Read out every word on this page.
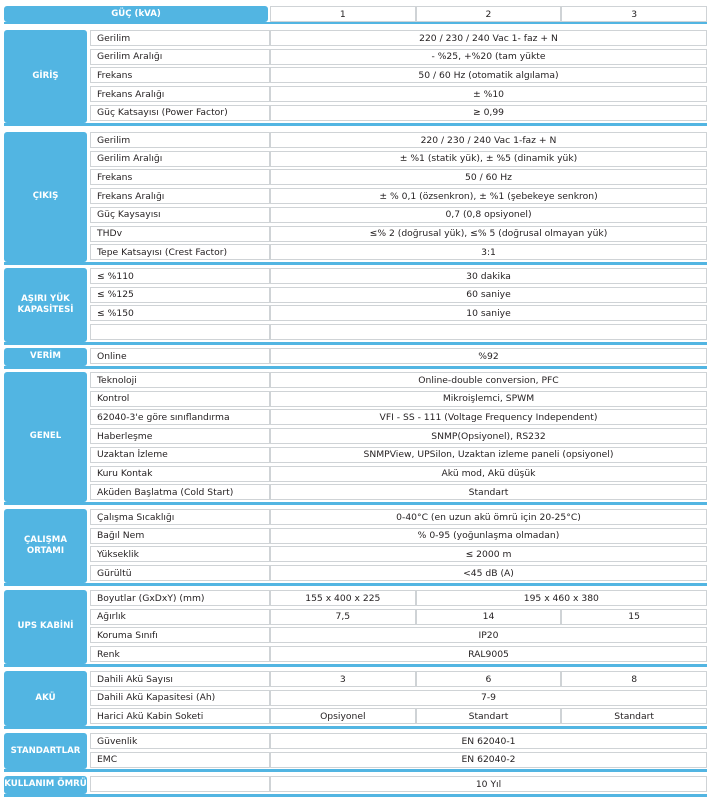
GÜÇ (kVA)	1	2	3
GİRİŞ
Gerilim	220 / 230 / 240 Vac 1- faz + N
Gerilim Aralığı	- %25, +%20 (tam yükte
Frekans	50 / 60 Hz (otomatik algılama)
Frekans Aralığı	± %10
Güç Katsayısı (Power Factor)	≥ 0,99
ÇIKIŞ
Gerilim	220 / 230 / 240 Vac 1-faz + N
Gerilim Aralığı	± %1 (statik yük), ± %5 (dinamik yük)
Frekans	50 / 60 Hz
Frekans Aralığı	± % 0,1 (özsenkron), ± %1 (şebekeye senkron)
Güç Kaysayısı	0,7 (0,8 opsiyonel)
THDv	≤% 2 (doğrusal yük), ≤% 5 (doğrusal olmayan yük)
Tepe Katsayısı (Crest Factor)	3:1
AŞIRI YÜK
KAPASİTESİ
≤ %110	30 dakika
≤ %125	60 saniye
≤ %150	10 saniye
VERİM	Online	%92
GENEL
Teknoloji	Online-double conversion, PFC
Kontrol	Mikroişlemci, SPWM
62040-3'e göre sınıflandırma	VFI - SS - 111 (Voltage Frequency Independent)
Haberleşme	SNMP(Opsiyonel), RS232
Uzaktan İzleme	SNMPView, UPSilon, Uzaktan izleme paneli (opsiyonel)
Kuru Kontak	Akü mod, Akü düşük
Aküden Başlatma (Cold Start)	Standart
ÇALIŞMA
ORTAMI
Çalışma Sıcaklığı	0-40°C (en uzun akü ömrü için 20-25°C)
Bağıl Nem	% 0-95 (yoğunlaşma olmadan)
Yükseklik	≤ 2000 m
Gürültü	<45 dB (A)
UPS KABİNİ
Boyutlar (GxDxY) (mm)	155 x 400 x 225	195 x 460 x 380
Ağırlık	7,5	14	15
Koruma Sınıfı	IP20
Renk	RAL9005
AKÜ
Dahili Akü Sayısı	3	6	8
Dahili Akü Kapasitesi (Ah)	7-9
Harici Akü Kabin Soketi	Opsiyonel	Standart	Standart
STANDARTLAR
Güvenlik	EN 62040-1
EMC	EN 62040-2
KULLANIM ÖMRÜ	10 Yıl
